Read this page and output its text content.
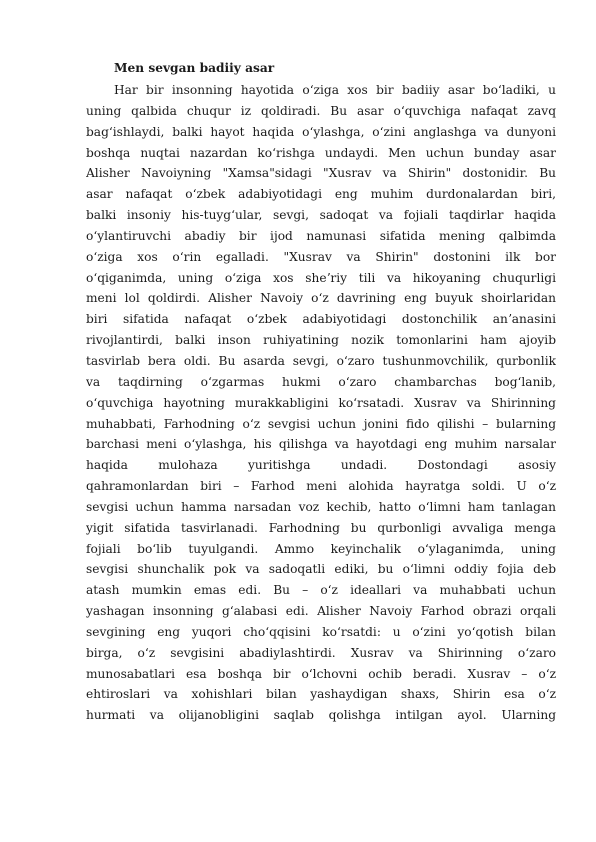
Men sevgan badiiy asar
Har bir insonning hayotida oʻziga xos bir badiiy asar boʻladiki, u
uning qalbida chuqur iz qoldiradi. Bu asar oʻquvchiga nafaqat zavq
bagʻishlaydi, balki hayot haqida oʻylashga, oʻzini anglashga va dunyoni
boshqa nuqtai nazardan koʻrishga undaydi. Men uchun bunday asar
Alisher Navoiyning "Xamsa"sidagi "Xusrav va Shirin" dostonidir. Bu
asar nafaqat oʻzbek adabiyotidagi eng muhim durdonalardan biri,
balki insoniy his-tuygʻular, sevgi, sadoqat va fojiali taqdirlar haqida
oʻylantiruvchi abadiy bir ijod namunasi sifatida mening qalbimda
oʻziga xos oʻrin egalladi. "Xusrav va Shirin" dostonini ilk bor
oʻqiganimda, uning oʻziga xos sheʼriy tili va hikoyaning chuqurligi
meni lol qoldirdi. Alisher Navoiy oʻz davrining eng buyuk shoirlaridan
biri sifatida nafaqat oʻzbek adabiyotidagi dostonchilik anʼanasini
rivojlantirdi, balki inson ruhiyatining nozik tomonlarini ham ajoyib
tasvirlab bera oldi. Bu asarda sevgi, oʻzaro tushunmovchilik, qurbonlik
va taqdirning oʻzgarmas hukmi oʻzaro chambarchas bogʻlanib,
oʻquvchiga hayotning murakkabligini koʻrsatadi. Xusrav va Shirinning
muhabbati, Farhodning oʻz sevgisi uchun jonini fido qilishi – bularning
barchasi meni oʻylashga, his qilishga va hayotdagi eng muhim narsalar
haqida mulohaza yuritishga undadi. Dostondagi asosiy
qahramonlardan biri – Farhod meni alohida hayratga soldi. U oʻz
sevgisi uchun hamma narsadan voz kechib, hatto oʻlimni ham tanlagan
yigit sifatida tasvirlanadi. Farhodning bu qurbonligi avvaliga menga
fojiali boʻlib tuyulgandi. Ammo keyinchalik oʻylaganimda, uning
sevgisi shunchalik pok va sadoqatli ediki, bu oʻlimni oddiy fojia deb
atash mumkin emas edi. Bu – oʻz ideallari va muhabbati uchun
yashagan insonning gʻalabasi edi. Alisher Navoiy Farhod obrazi orqali
sevgining eng yuqori choʻqqisini koʻrsatdi: u oʻzini yoʻqotish bilan
birga, oʻz sevgisini abadiylashtirdi. Xusrav va Shirinning oʻzaro
munosabatlari esa boshqa bir oʻlchovni ochib beradi. Xusrav – oʻz
ehtiroslari va xohishlari bilan yashaydigan shaxs, Shirin esa oʻz
hurmati va olijanobligini saqlab qolishga intilgan ayol. Ularning
